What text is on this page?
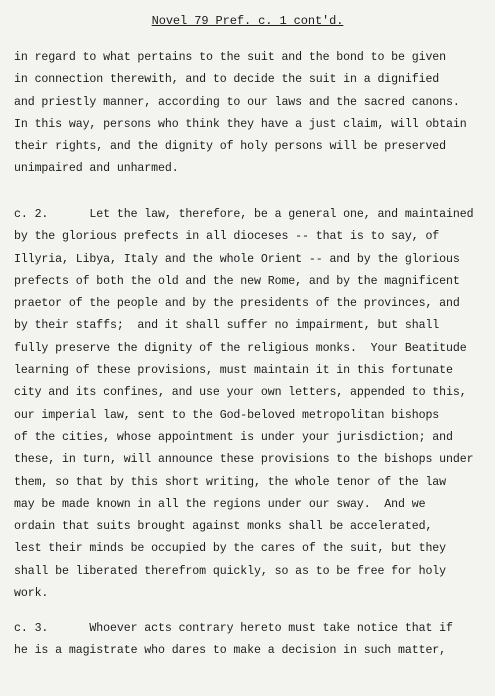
Novel 79 Pref. c. 1 cont'd.
in regard to what pertains to the suit and the bond to be given
in connection therewith, and to decide the suit in a dignified
and priestly manner, according to our laws and the sacred canons.
In this way, persons who think they have a just claim, will obtain
their rights, and the dignity of holy persons will be preserved
unimpaired and unharmed.
c. 2.      Let the law, therefore, be a general one, and maintained
by the glorious prefects in all dioceses -- that is to say, of
Illyria, Libya, Italy and the whole Orient -- and by the glorious
prefects of both the old and the new Rome, and by the magnificent
praetor of the people and by the presidents of the provinces, and
by their staffs;  and it shall suffer no impairment, but shall
fully preserve the dignity of the religious monks.  Your Beatitude
learning of these provisions, must maintain it in this fortunate
city and its confines, and use your own letters, appended to this,
our imperial law, sent to the God-beloved metropolitan bishops
of the cities, whose appointment is under your jurisdiction; and
these, in turn, will announce these provisions to the bishops under
them, so that by this short writing, the whole tenor of the law
may be made known in all the regions under our sway.  And we
ordain that suits brought against monks shall be accelerated,
lest their minds be occupied by the cares of the suit, but they
shall be liberated therefrom quickly, so as to be free for holy
work.
c. 3.      Whoever acts contrary hereto must take notice that if
he is a magistrate who dares to make a decision in such matter,
